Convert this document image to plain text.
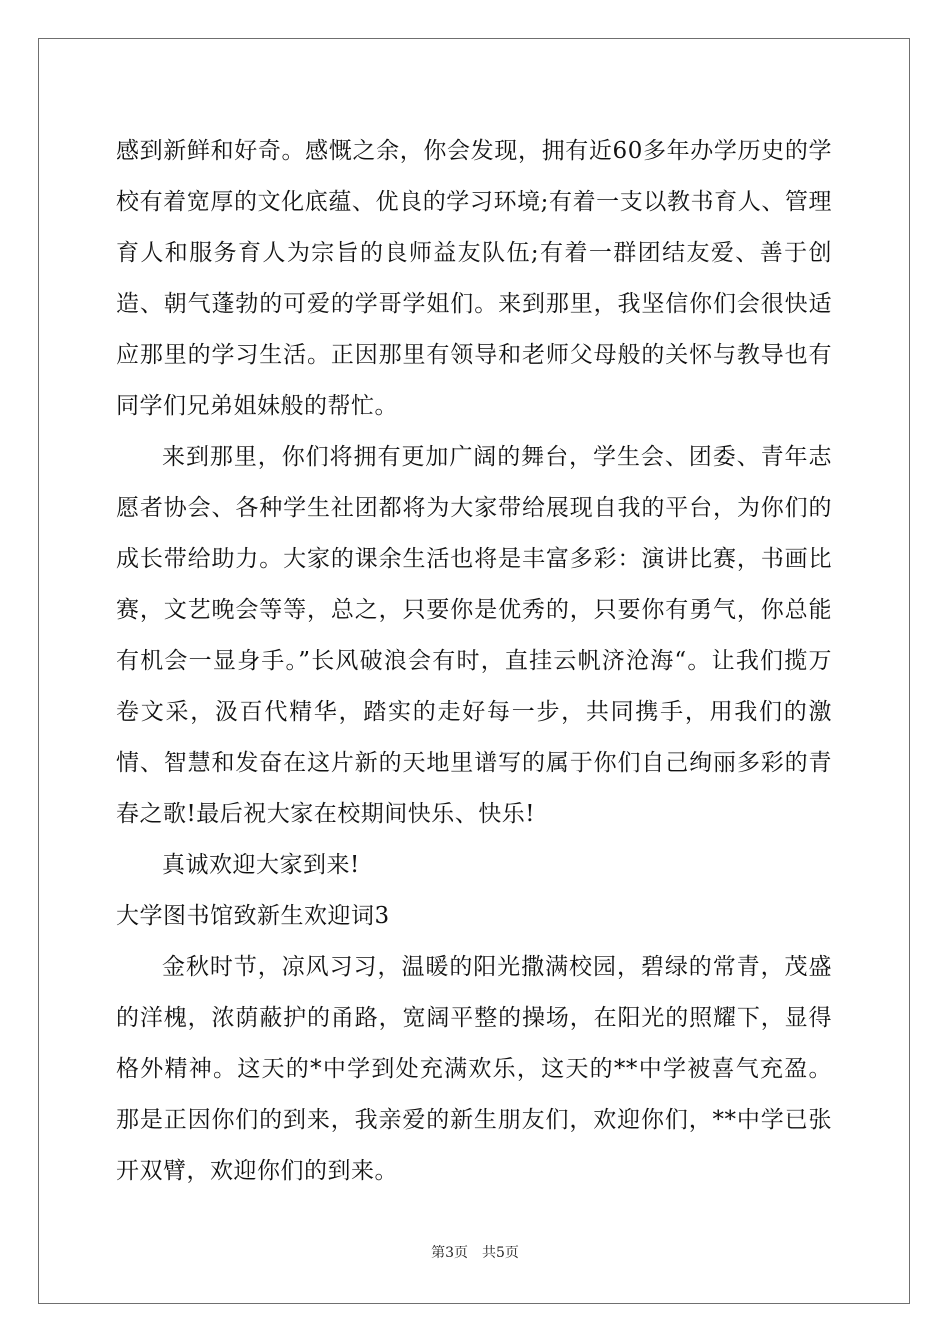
感到新鲜和好奇。感慨之余，你会发现，拥有近60多年办学历史的学校有着宽厚的文化底蕴、优良的学习环境;有着一支以教书育人、管理育人和服务育人为宗旨的良师益友队伍;有着一群团结友爱、善于创造、朝气蓬勃的可爱的学哥学姐们。来到那里，我坚信你们会很快适应那里的学习生活。正因那里有领导和老师父母般的关怀与教导也有同学们兄弟姐妹般的帮忙。

来到那里，你们将拥有更加广阔的舞台，学生会、团委、青年志愿者协会、各种学生社团都将为大家带给展现自我的平台，为你们的成长带给助力。大家的课余生活也将是丰富多彩：演讲比赛，书画比赛，文艺晚会等等，总之，只要你是优秀的，只要你有勇气，你总能有机会一显身手。”长风破浪会有时，直挂云帆济沧海“。让我们揽万卷文采，汲百代精华，踏实的走好每一步，共同携手，用我们的激情、智慧和发奋在这片新的天地里谱写的属于你们自己绚丽多彩的青春之歌!最后祝大家在校期间快乐、快乐!

真诚欢迎大家到来!

大学图书馆致新生欢迎词3

金秋时节，凉风习习，温暖的阳光撒满校园，碧绿的常青，茂盛的洋槐，浓荫蔽护的甬路，宽阔平整的操场，在阳光的照耀下，显得格外精神。这天的*中学到处充满欢乐，这天的**中学被喜气充盈。那是正因你们的到来，我亲爱的新生朋友们，欢迎你们，**中学已张开双臂，欢迎你们的到来。

第3页　共5页
